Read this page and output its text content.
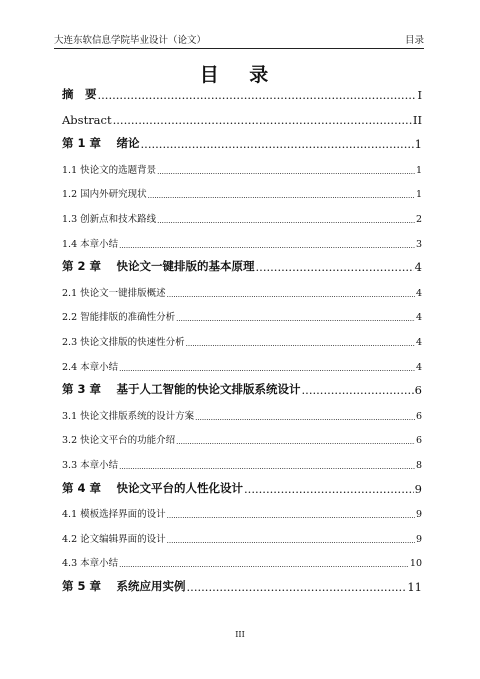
大连东软信息学院毕业设计（论文）	目录
目 录
摘　要 .....	I
Abstract .....	II
第 1 章　 绪论 .....	1
1.1 快论文的选题背景 .....	1
1.2 国内外研究现状 .....	1
1.3 创新点和技术路线 .....	2
1.4 本章小结 .....	3
第 2 章　 快论文一键排版的基本原理 .....	4
2.1 快论文一键排版概述 .....	4
2.2 智能排版的准确性分析 .....	4
2.3 快论文排版的快速性分析 .....	4
2.4 本章小结 .....	4
第 3 章　 基于人工智能的快论文排版系统设计 .....	6
3.1 快论文排版系统的设计方案 .....	6
3.2 快论文平台的功能介绍 .....	6
3.3 本章小结 .....	8
第 4 章　 快论文平台的人性化设计 .....	9
4.1 模板选择界面的设计 .....	9
4.2 论文编辑界面的设计 .....	9
4.3 本章小结 .....	10
第 5 章　 系统应用实例 .....	11
III
